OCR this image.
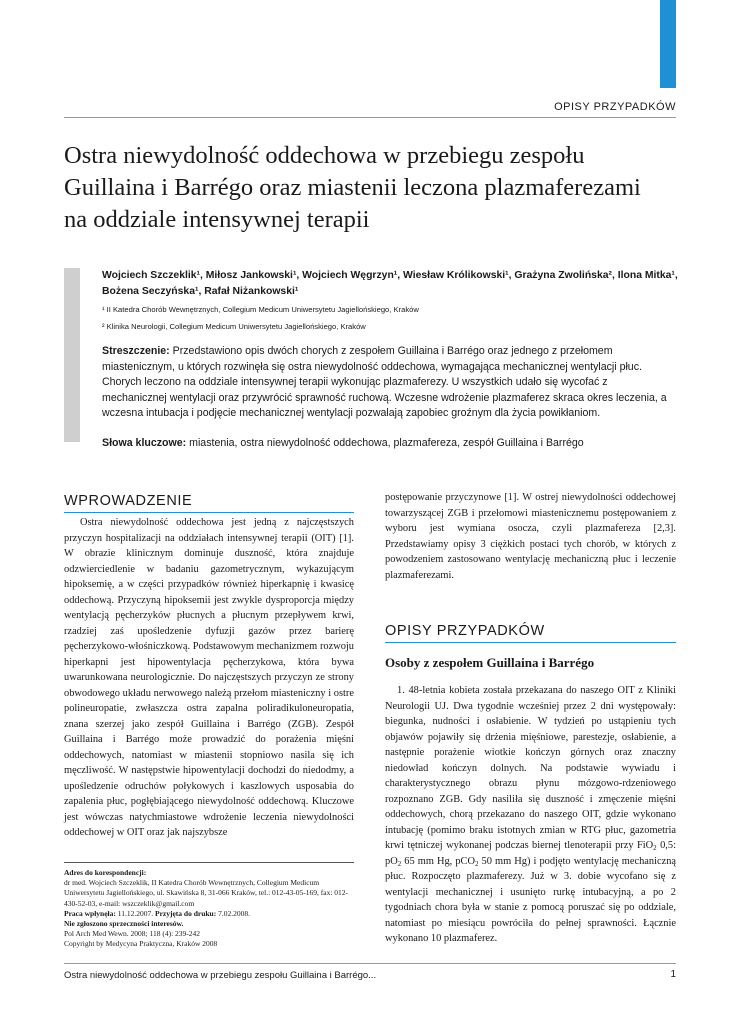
OPISY PRZYPADKÓW
Ostra niewydolność oddechowa w przebiegu zespołu Guillaina i Barrégo oraz miastenii leczona plazmaferezami na oddziale intensywnej terapii
Wojciech Szczeklik¹, Miłosz Jankowski¹, Wojciech Węgrzyn¹, Wiesław Królikowski¹, Grażyna Zwolińska², Ilona Mitka¹, Bożena Seczyńska¹, Rafał Niżankowski¹
¹ II Katedra Chorób Wewnętrznych, Collegium Medicum Uniwersytetu Jagiellońskiego, Kraków
² Klinika Neurologii, Collegium Medicum Uniwersytetu Jagiellońskiego, Kraków
Streszczenie: Przedstawiono opis dwóch chorych z zespołem Guillaina i Barrégo oraz jednego z przełomem miastenicznym, u których rozwinęła się ostra niewydolność oddechowa, wymagająca mechanicznej wentylacji płuc. Chorych leczono na oddziale intensywnej terapii wykonując plazmaferezy. U wszystkich udało się wycofać z mechanicznej wentylacji oraz przywrócić sprawność ruchową. Wczesne wdrożenie plazmaferez skraca okres leczenia, a wczesna intubacja i podjęcie mechanicznej wentylacji pozwalają zapobiec groźnym dla życia powikłaniom.
Słowa kluczowe: miastenia, ostra niewydolność oddechowa, plazmafereza, zespół Guillaina i Barrégo
WPROWADZENIE
Ostra niewydolność oddechowa jest jedną z najczęstszych przyczyn hospitalizacji na oddziałach intensywnej terapii (OIT) [1]. W obrazie klinicznym dominuje duszność, która znajduje odzwierciedlenie w badaniu gazometrycznym, wykazującym hipoksemię, a w części przypadków również hiperkapnię i kwasicę oddechową. Przyczyną hipoksemii jest zwykle dysproporcja między wentylacją pęcherzyków płucnych a płucnym przepływem krwi, rzadziej zaś upośledzenie dyfuzji gazów przez barierę pęcherzykowo-włośniczkową. Podstawowym mechanizmem rozwoju hiperkapni jest hipowentylacja pęcherzykowa, która bywa uwarunkowana neurologicznie. Do najczęstszych przyczyn ze strony obwodowego układu nerwowego należą przełom miasteniczny i ostre polineuropatie, zwłaszcza ostra zapalna poliradikuloneuropatia, znana szerzej jako zespół Guillaina i Barrégo (ZGB). Zespół Guillaina i Barrégo może prowadzić do porażenia mięśni oddechowych, natomiast w miastenii stopniowo nasila się ich męczliwość. W następstwie hipowentylacji dochodzi do niedodmy, a upośledzenie odruchów połykowych i kaszlowych usposabia do zapalenia płuc, pogłębiającego niewydolność oddechową. Kluczowe jest wówczas natychmiastowe wdrożenie leczenia niewydolności oddechowej w OIT oraz jak najszybsze
postępowanie przyczynowe [1]. W ostrej niewydolności oddechowej towarzyszącej ZGB i przełomowi miastenicznemu postępowaniem z wyboru jest wymiana osocza, czyli plazmafereza [2,3]. Przedstawiamy opisy 3 ciężkich postaci tych chorób, w których z powodzeniem zastosowano wentylację mechaniczną płuc i leczenie plazmaferezami.
OPISY PRZYPADKÓW
Osoby z zespołem Guillaina i Barrégo
1. 48-letnia kobieta została przekazana do naszego OIT z Kliniki Neurologii UJ. Dwa tygodnie wcześniej przez 2 dni występowały: biegunka, nudności i osłabienie. W tydzień po ustąpieniu tych objawów pojawiły się drżenia mięśniowe, parestezje, osłabienie, a następnie porażenie wiotkie kończyn górnych oraz znaczny niedowład kończyn dolnych. Na podstawie wywiadu i charakterystycznego obrazu płynu mózgowo-rdzeniowego rozpoznano ZGB. Gdy nasiliła się duszność i zmęczenie mięśni oddechowych, chorą przekazano do naszego OIT, gdzie wykonano intubację (pomimo braku istotnych zmian w RTG płuc, gazometria krwi tętniczej wykonanej podczas biernej tlenoterapii przy FiO$_2$ 0,5: $pO_2$ 65 mm Hg, pCO$_2$ 50 mm Hg) i podjęto wentylację mechaniczną płuc. Rozpoczęto plazmaferezy. Już w 3. dobie wycofano się z wentylacji mechanicznej i usunięto rurkę intubacyjną, a po 2 tygodniach chora była w stanie z pomocą poruszać się po oddziale, natomiast po miesiącu powróciła do pełnej sprawności. Łącznie wykonano 10 plazmaferez.
Adres do korespondencji:
dr med. Wojciech Szczeklik, II Katedra Chorób Wewnętrznych, Collegium Medicum Uniwersytetu Jagiellońskiego, ul. Skawińska 8, 31-066 Kraków, tel.: 012-43-05-169, fax: 012-430-52-03, e-mail: wszczeklik@gmail.com
Praca wpłynęła: 11.12.2007. Przyjęta do druku: 7.02.2008.
Nie zgłoszono sprzeczności interesów.
Pol Arch Med Wewn. 2008; 118 (4): 239-242
Copyright by Medycyna Praktyczna, Kraków 2008
Ostra niewydolność oddechowa w przebiegu zespołu Guillaina i Barrégo...	1
